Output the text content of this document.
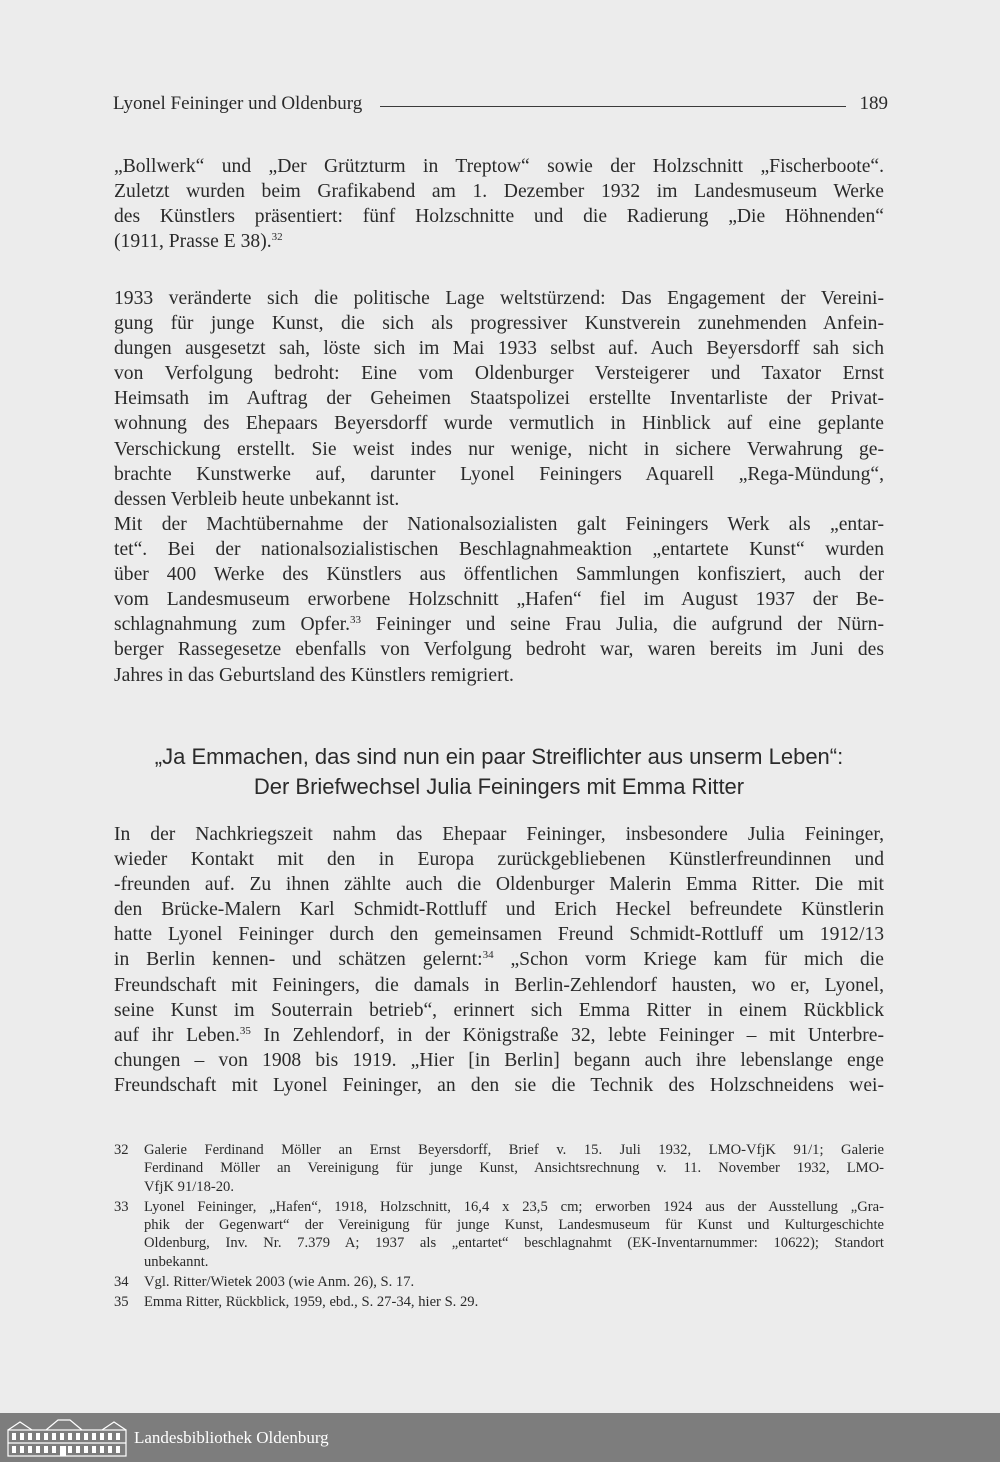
Lyonel Feininger und Oldenburg	189
„Bollwerk“ und „Der Grützturm in Treptow“ sowie der Holzschnitt „Fischerboote“.
Zuletzt wurden beim Grafikabend am 1. Dezember 1932 im Landesmuseum Werke
des Künstlers präsentiert: fünf Holzschnitte und die Radierung „Die Höhnenden“
(1911, Prasse E 38).$^{32}$
1933 veränderte sich die politische Lage weltstürzend: Das Engagement der Vereini-
gung für junge Kunst, die sich als progressiver Kunstverein zunehmenden Anfein-
dungen ausgesetzt sah, löste sich im Mai 1933 selbst auf. Auch Beyersdorff sah sich
von Verfolgung bedroht: Eine vom Oldenburger Versteigerer und Taxator Ernst
Heimsath im Auftrag der Geheimen Staatspolizei erstellte Inventarliste der Privat-
wohnung des Ehepaars Beyersdorff wurde vermutlich in Hinblick auf eine geplante
Verschickung erstellt. Sie weist indes nur wenige, nicht in sichere Verwahrung ge-
brachte Kunstwerke auf, darunter Lyonel Feiningers Aquarell „Rega-Mündung“,
dessen Verbleib heute unbekannt ist.
Mit der Machtübernahme der Nationalsozialisten galt Feiningers Werk als „entar-
tet“. Bei der nationalsozialistischen Beschlagnahmeaktion „entartete Kunst“ wurden
über 400 Werke des Künstlers aus öffentlichen Sammlungen konfisziert, auch der
vom Landesmuseum erworbene Holzschnitt „Hafen“ fiel im August 1937 der Be-
schlagnahmung zum Opfer.$^{33}$ Feininger und seine Frau Julia, die aufgrund der Nürn-
berger Rassegesetze ebenfalls von Verfolgung bedroht war, waren bereits im Juni des
Jahres in das Geburtsland des Künstlers remigriert.
„Ja Emmachen, das sind nun ein paar Streiflichter aus unserm Leben“:
Der Briefwechsel Julia Feiningers mit Emma Ritter
In der Nachkriegszeit nahm das Ehepaar Feininger, insbesondere Julia Feininger,
wieder Kontakt mit den in Europa zurückgebliebenen Künstlerfreundinnen und
-freunden auf. Zu ihnen zählte auch die Oldenburger Malerin Emma Ritter. Die mit
den Brücke-Malern Karl Schmidt-Rottluff und Erich Heckel befreundete Künstlerin
hatte Lyonel Feininger durch den gemeinsamen Freund Schmidt-Rottluff um 1912/13
in Berlin kennen- und schätzen gelernt:$^{34}$ „Schon vorm Kriege kam für mich die
Freundschaft mit Feiningers, die damals in Berlin-Zehlendorf hausten, wo er, Lyonel,
seine Kunst im Souterrain betrieb“, erinnert sich Emma Ritter in einem Rückblick
auf ihr Leben.$^{35}$ In Zehlendorf, in der Königstraße 32, lebte Feininger – mit Unterbre-
chungen – von 1908 bis 1919. „Hier [in Berlin] begann auch ihre lebenslange enge
Freundschaft mit Lyonel Feininger, an den sie die Technik des Holzschneidens wei-
32	Galerie Ferdinand Möller an Ernst Beyersdorff, Brief v. 15. Juli 1932, LMO-VfjK 91/1; Galerie
Ferdinand Möller an Vereinigung für junge Kunst, Ansichtsrechnung v. 11. November 1932, LMO-
VfjK 91/18-20.
33	Lyonel Feininger, „Hafen“, 1918, Holzschnitt, 16,4 x 23,5 cm; erworben 1924 aus der Ausstellung „Gra-
phik der Gegenwart“ der Vereinigung für junge Kunst, Landesmuseum für Kunst und Kulturgeschichte
Oldenburg, Inv. Nr. 7.379 A; 1937 als „entartet“ beschlagnahmt (EK-Inventarnummer: 10622); Standort
unbekannt.
34	Vgl. Ritter/Wietek 2003 (wie Anm. 26), S. 17.
35	Emma Ritter, Rückblick, 1959, ebd., S. 27-34, hier S. 29.
Landesbibliothek Oldenburg
